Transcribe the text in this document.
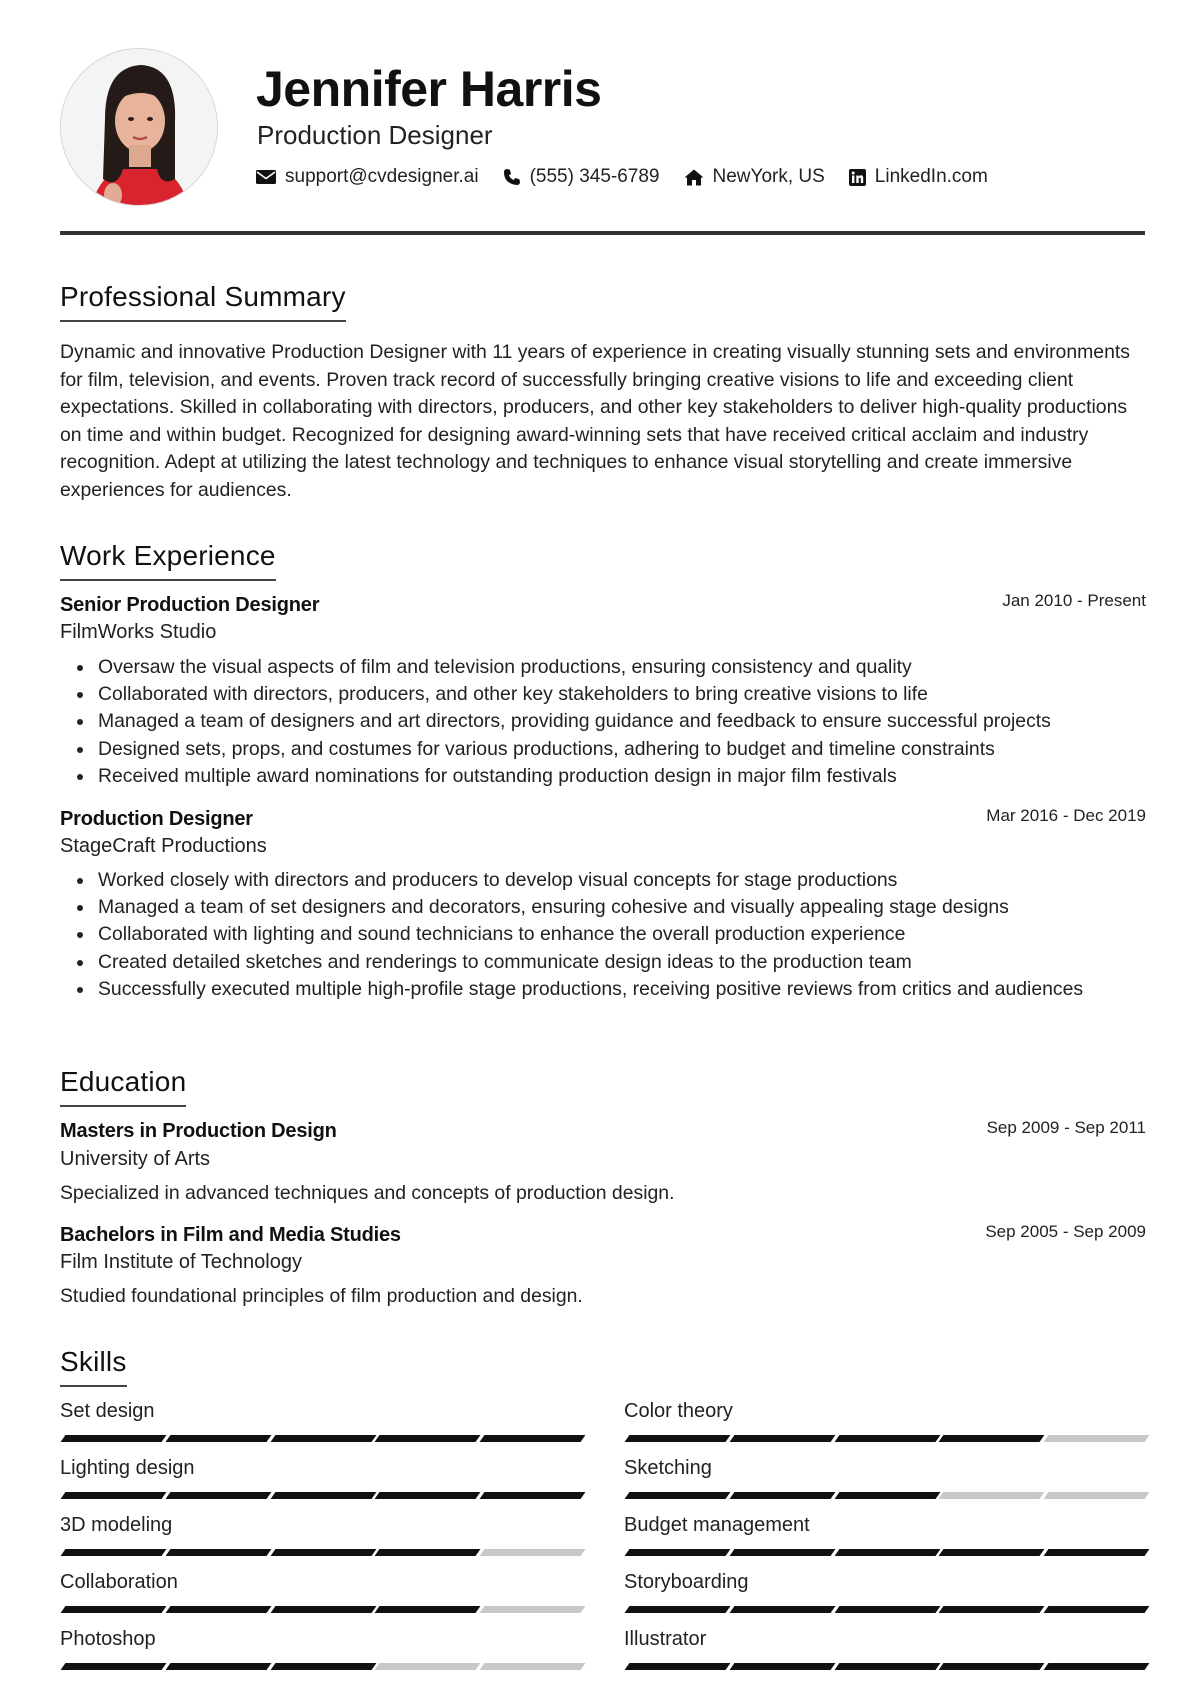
Jennifer Harris
Production Designer
support@cvdesigner.ai	(555) 345-6789	NewYork, US	LinkedIn.com
Professional Summary

Dynamic and innovative Production Designer with 11 years of experience in creating visually stunning sets and environments for film, television, and events. Proven track record of successfully bringing creative visions to life and exceeding client expectations. Skilled in collaborating with directors, producers, and other key stakeholders to deliver high-quality productions on time and within budget. Recognized for designing award-winning sets that have received critical acclaim and industry recognition. Adept at utilizing the latest technology and techniques to enhance visual storytelling and create immersive experiences for audiences.

Work Experience
Senior Production Designer	Jan 2010 - Present
FilmWorks Studio
Oversaw the visual aspects of film and television productions, ensuring consistency and quality
Collaborated with directors, producers, and other key stakeholders to bring creative visions to life
Managed a team of designers and art directors, providing guidance and feedback to ensure successful projects
Designed sets, props, and costumes for various productions, adhering to budget and timeline constraints
Received multiple award nominations for outstanding production design in major film festivals
Production Designer	Mar 2016 - Dec 2019
StageCraft Productions
Worked closely with directors and producers to develop visual concepts for stage productions
Managed a team of set designers and decorators, ensuring cohesive and visually appealing stage designs
Collaborated with lighting and sound technicians to enhance the overall production experience
Created detailed sketches and renderings to communicate design ideas to the production team
Successfully executed multiple high-profile stage productions, receiving positive reviews from critics and audiences
Education
Masters in Production Design	Sep 2009 - Sep 2011
University of Arts
Specialized in advanced techniques and concepts of production design.
Bachelors in Film and Media Studies	Sep 2005 - Sep 2009
Film Institute of Technology
Studied foundational principles of film production and design.
Skills
Set design	Color theory
Lighting design	Sketching
3D modeling	Budget management
Collaboration	Storyboarding
Photoshop	Illustrator
